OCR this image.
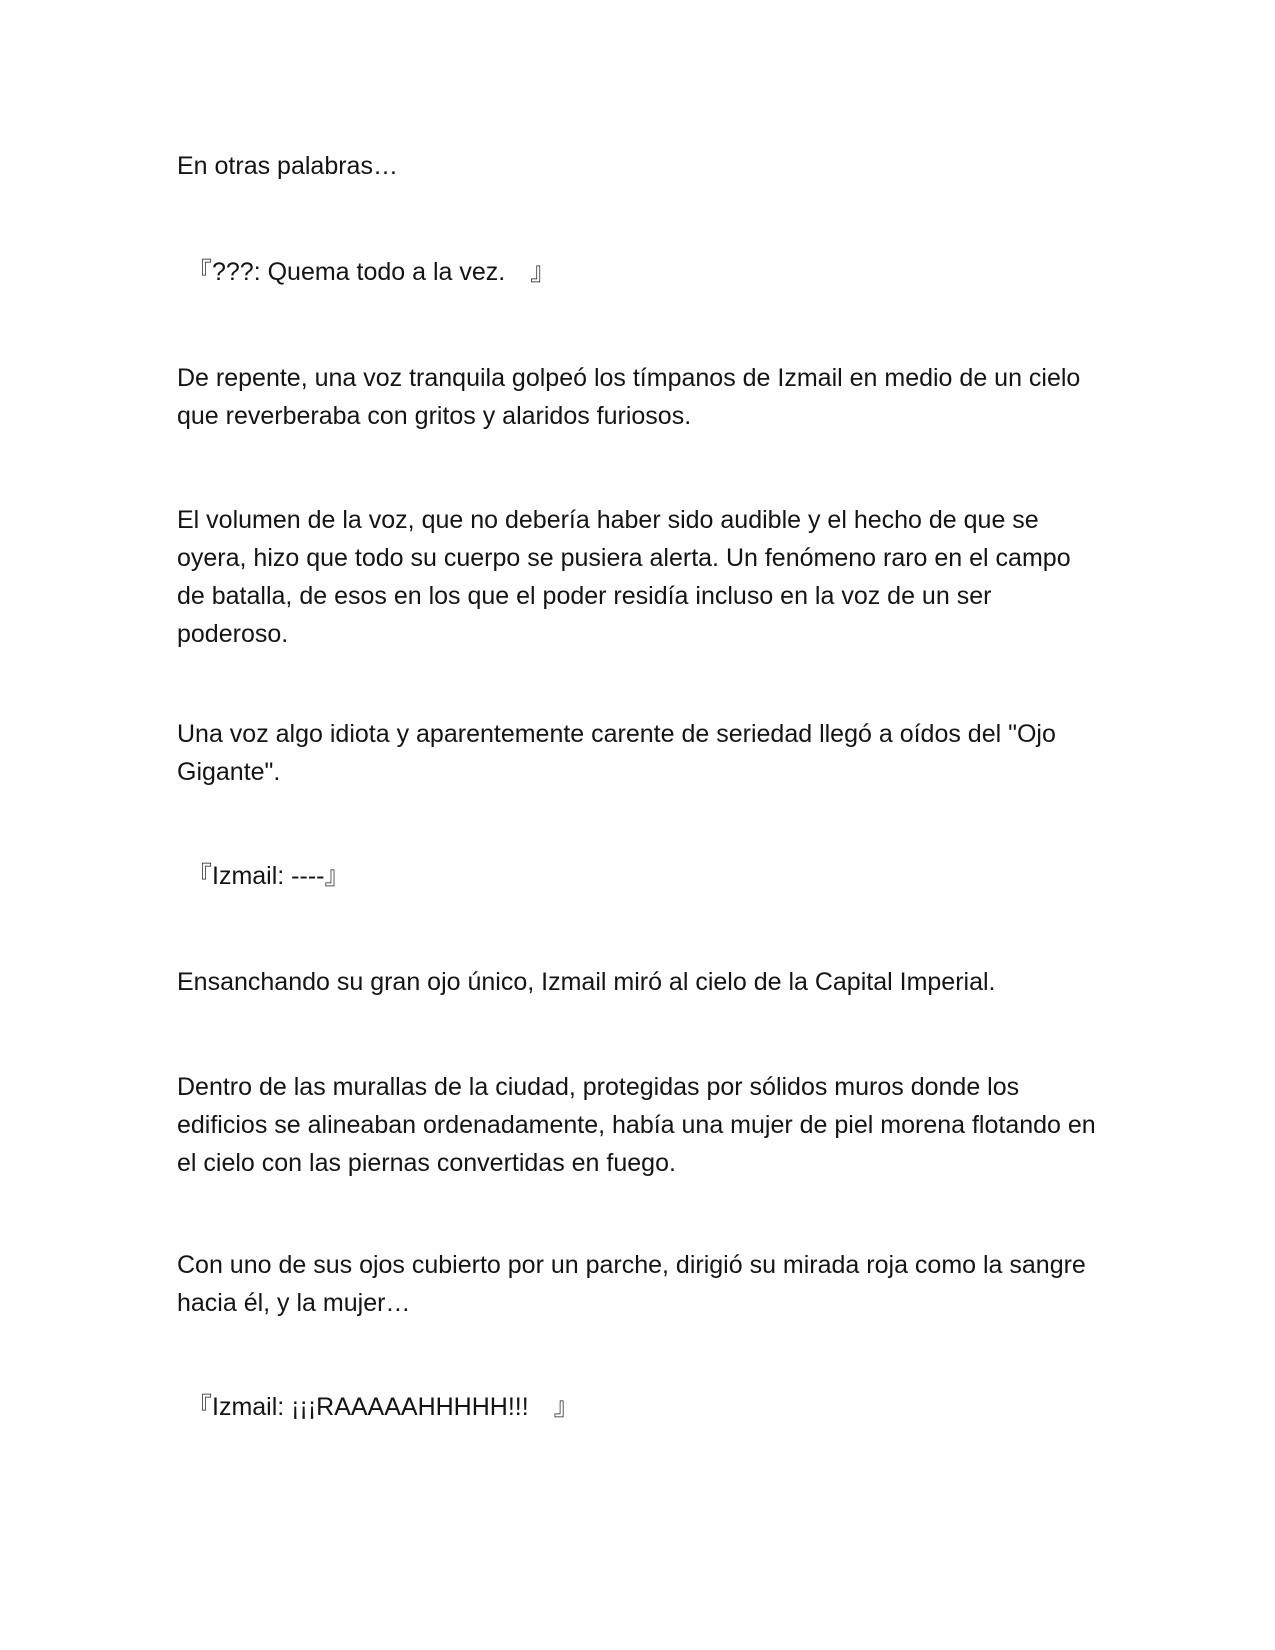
En otras palabras…

『???: Quema todo a la vez.　』

De repente, una voz tranquila golpeó los tímpanos de Izmail en medio de un cielo que reverberaba con gritos y alaridos furiosos.

El volumen de la voz, que no debería haber sido audible y el hecho de que se oyera, hizo que todo su cuerpo se pusiera alerta. Un fenómeno raro en el campo de batalla, de esos en los que el poder residía incluso en la voz de un ser poderoso.

Una voz algo idiota y aparentemente carente de seriedad llegó a oídos del "Ojo Gigante".

『Izmail: ----』

Ensanchando su gran ojo único, Izmail miró al cielo de la Capital Imperial.

Dentro de las murallas de la ciudad, protegidas por sólidos muros donde los edificios se alineaban ordenadamente, había una mujer de piel morena flotando en el cielo con las piernas convertidas en fuego.

Con uno de sus ojos cubierto por un parche, dirigió su mirada roja como la sangre hacia él, y la mujer…

『Izmail: ¡¡¡RAAAAAHHHHH!!!　』
